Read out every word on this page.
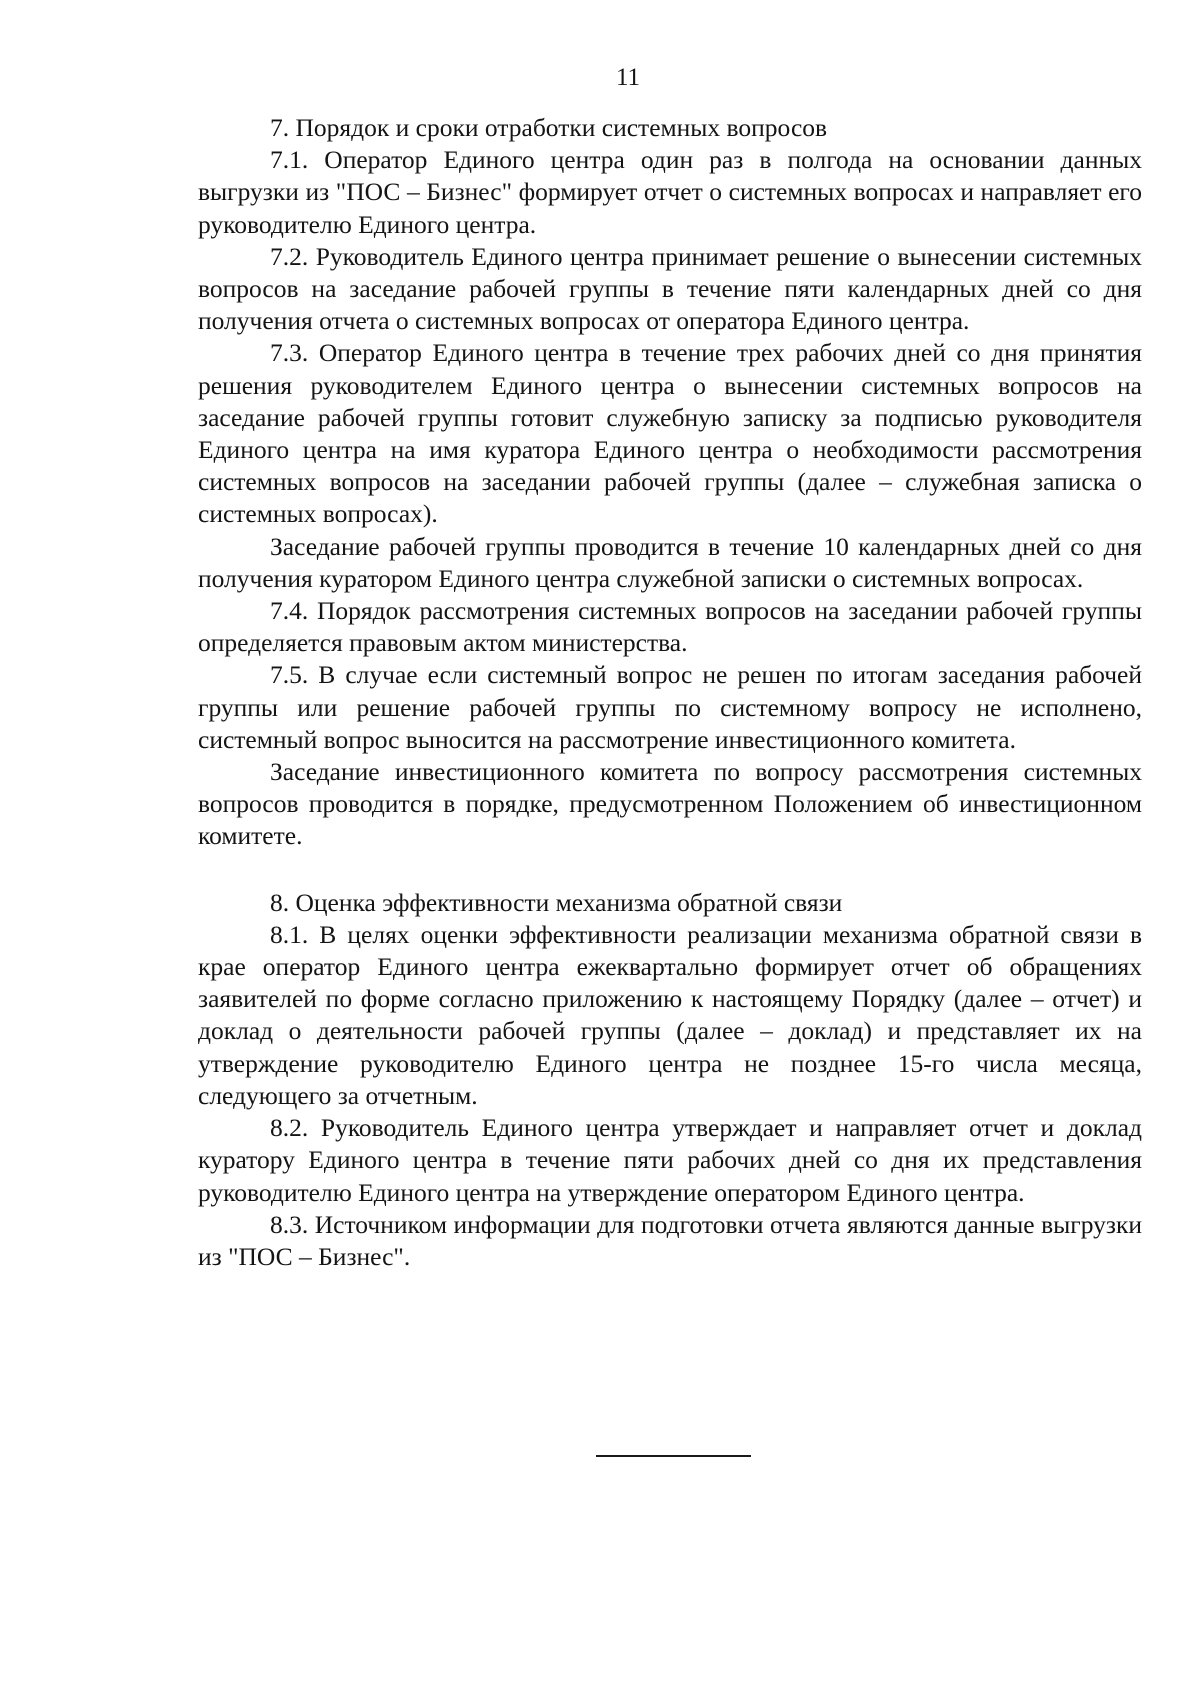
11

7. Порядок и сроки отработки системных вопросов

7.1. Оператор Единого центра один раз в полгода на основании данных выгрузки из "ПОС – Бизнес" формирует отчет о системных вопросах и направляет его руководителю Единого центра.

7.2. Руководитель Единого центра принимает решение о вынесении системных вопросов на заседание рабочей группы в течение пяти календарных дней со дня получения отчета о системных вопросах от оператора Единого центра.

7.3. Оператор Единого центра в течение трех рабочих дней со дня принятия решения руководителем Единого центра о вынесении системных вопросов на заседание рабочей группы готовит служебную записку за подписью руководителя Единого центра на имя куратора Единого центра о необходимости рассмотрения системных вопросов на заседании рабочей группы (далее – служебная записка о системных вопросах).

Заседание рабочей группы проводится в течение 10 календарных дней со дня получения куратором Единого центра служебной записки о системных вопросах.

7.4. Порядок рассмотрения системных вопросов на заседании рабочей группы определяется правовым актом министерства.

7.5. В случае если системный вопрос не решен по итогам заседания рабочей группы или решение рабочей группы по системному вопросу не исполнено, системный вопрос выносится на рассмотрение инвестиционного комитета.

Заседание инвестиционного комитета по вопросу рассмотрения системных вопросов проводится в порядке, предусмотренном Положением об инвестиционном комитете.

8. Оценка эффективности механизма обратной связи

8.1. В целях оценки эффективности реализации механизма обратной связи в крае оператор Единого центра ежеквартально формирует отчет об обращениях заявителей по форме согласно приложению к настоящему Порядку (далее – отчет) и доклад о деятельности рабочей группы (далее – доклад) и представляет их на утверждение руководителю Единого центра не позднее 15-го числа месяца, следующего за отчетным.

8.2. Руководитель Единого центра утверждает и направляет отчет и доклад куратору Единого центра в течение пяти рабочих дней со дня их представления руководителю Единого центра на утверждение оператором Единого центра.

8.3. Источником информации для подготовки отчета являются данные выгрузки из "ПОС – Бизнес".
